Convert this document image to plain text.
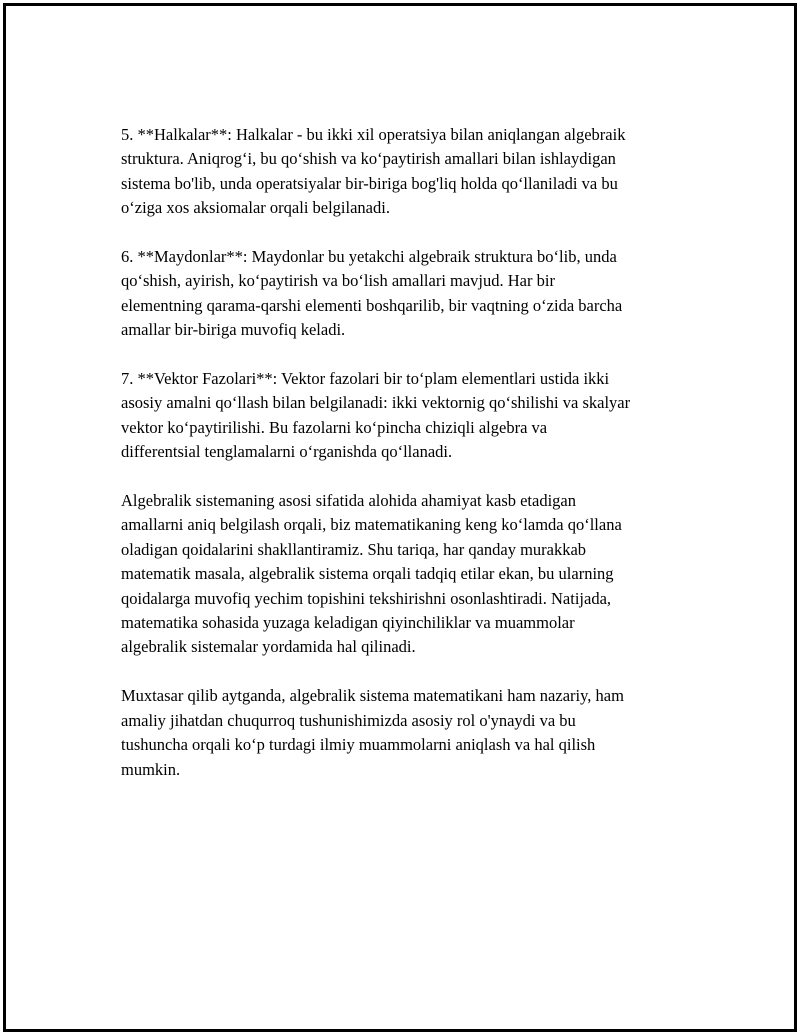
5. **Halkalar**: Halkalar - bu ikki xil operatsiya bilan aniqlangan algebraik
struktura. Aniqrog‘i, bu qo‘shish va ko‘paytirish amallari bilan ishlaydigan
sistema bo'lib, unda operatsiyalar bir-biriga bog'liq holda qo‘llaniladi va bu
o‘ziga xos aksiomalar orqali belgilanadi.

6. **Maydonlar**: Maydonlar bu yetakchi algebraik struktura bo‘lib, unda
qo‘shish, ayirish, ko‘paytirish va bo‘lish amallari mavjud. Har bir
elementning qarama-qarshi elementi boshqarilib, bir vaqtning o‘zida barcha
amallar bir-biriga muvofiq keladi.

7. **Vektor Fazolari**: Vektor fazolari bir to‘plam elementlari ustida ikki
asosiy amalni qo‘llash bilan belgilanadi: ikki vektornig qo‘shilishi va skalyar
vektor ko‘paytirilishi. Bu fazolarni ko‘pincha chiziqli algebra va
differentsial tenglamalarni o‘rganishda qo‘llanadi.

Algebralik sistemaning asosi sifatida alohida ahamiyat kasb etadigan
amallarni aniq belgilash orqali, biz matematikaning keng ko‘lamda qo‘llana
oladigan qoidalarini shakllantiramiz. Shu tariqa, har qanday murakkab
matematik masala, algebralik sistema orqali tadqiq etilar ekan, bu ularning
qoidalarga muvofiq yechim topishini tekshirishni osonlashtiradi. Natijada,
matematika sohasida yuzaga keladigan qiyinchiliklar va muammolar
algebralik sistemalar yordamida hal qilinadi.

Muxtasar qilib aytganda, algebralik sistema matematikani ham nazariy, ham
amaliy jihatdan chuqurroq tushunishimizda asosiy rol o'ynaydi va bu
tushuncha orqali ko‘p turdagi ilmiy muammolarni aniqlash va hal qilish
mumkin.
